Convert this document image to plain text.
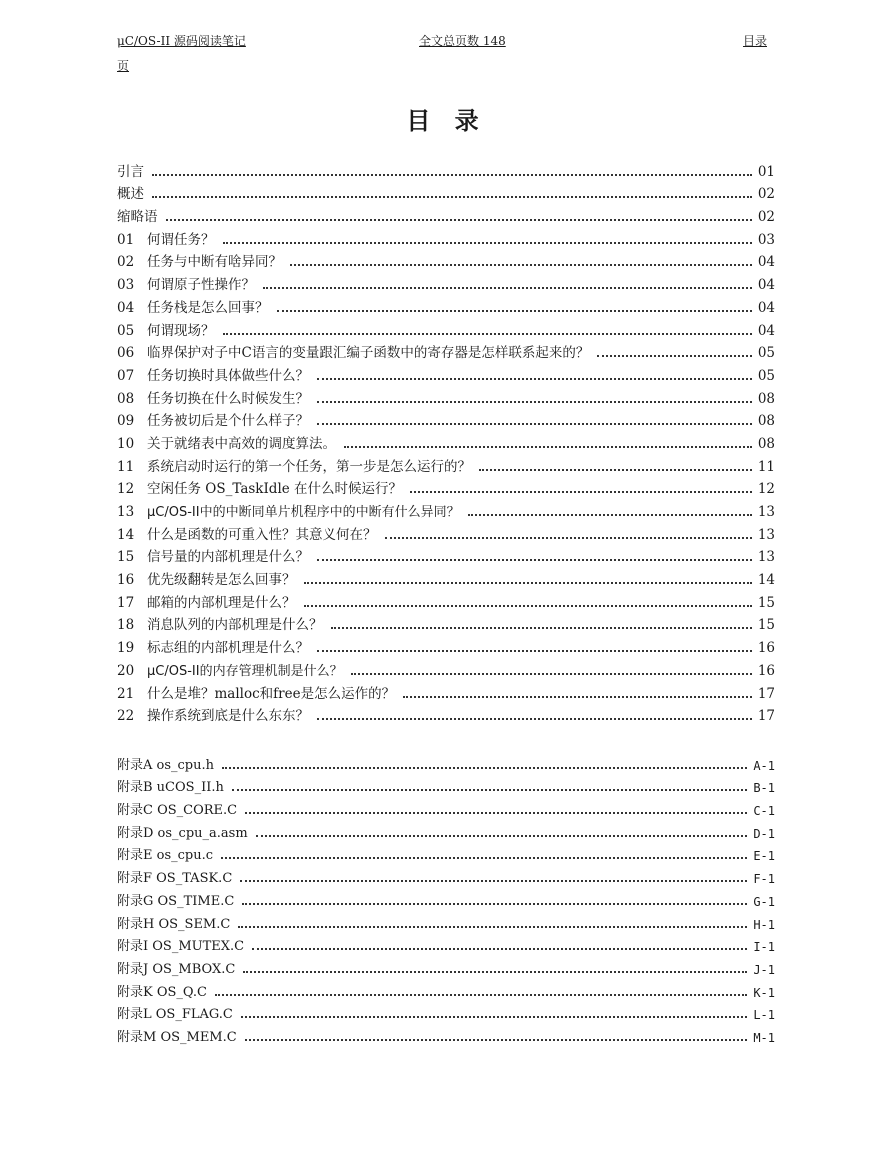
μC/OS-II 源码阅读笔记	全文总页数 148	目录
页
目 录
引言	01
概述	02
缩略语	02
01 何谓任务？	03
02 任务与中断有啥异同？	04
03 何谓原子性操作？	04
04 任务栈是怎么回事？	04
05 何谓现场？	04
06 临界保护对子中C语言的变量跟汇编子函数中的寄存器是怎样联系起来的？	05
07 任务切换时具体做些什么？	05
08 任务切换在什么时候发生？	08
09 任务被切后是个什么样子？	08
10 关于就绪表中高效的调度算法。	08
11 系统启动时运行的第一个任务，第一步是怎么运行的？	11
12 空闲任务 OS_TaskIdle 在什么时候运行？	12
13 μC/OS-II中的中断同单片机程序中的中断有什么异同？	13
14 什么是函数的可重入性？其意义何在？	13
15 信号量的内部机理是什么？	13
16 优先级翻转是怎么回事？	14
17 邮箱的内部机理是什么？	15
18 消息队列的内部机理是什么？	15
19 标志组的内部机理是什么？	16
20 μC/OS-II的内存管理机制是什么？	16
21 什么是堆？malloc和free是怎么运作的？	17
22 操作系统到底是什么东东？	17
附录A os_cpu.h	A-1
附录B uCOS_II.h	B-1
附录C OS_CORE.C	C-1
附录D os_cpu_a.asm	D-1
附录E os_cpu.c	E-1
附录F OS_TASK.C	F-1
附录G OS_TIME.C	G-1
附录H OS_SEM.C	H-1
附录I OS_MUTEX.C	I-1
附录J OS_MBOX.C	J-1
附录K OS_Q.C	K-1
附录L OS_FLAG.C	L-1
附录M OS_MEM.C	M-1
